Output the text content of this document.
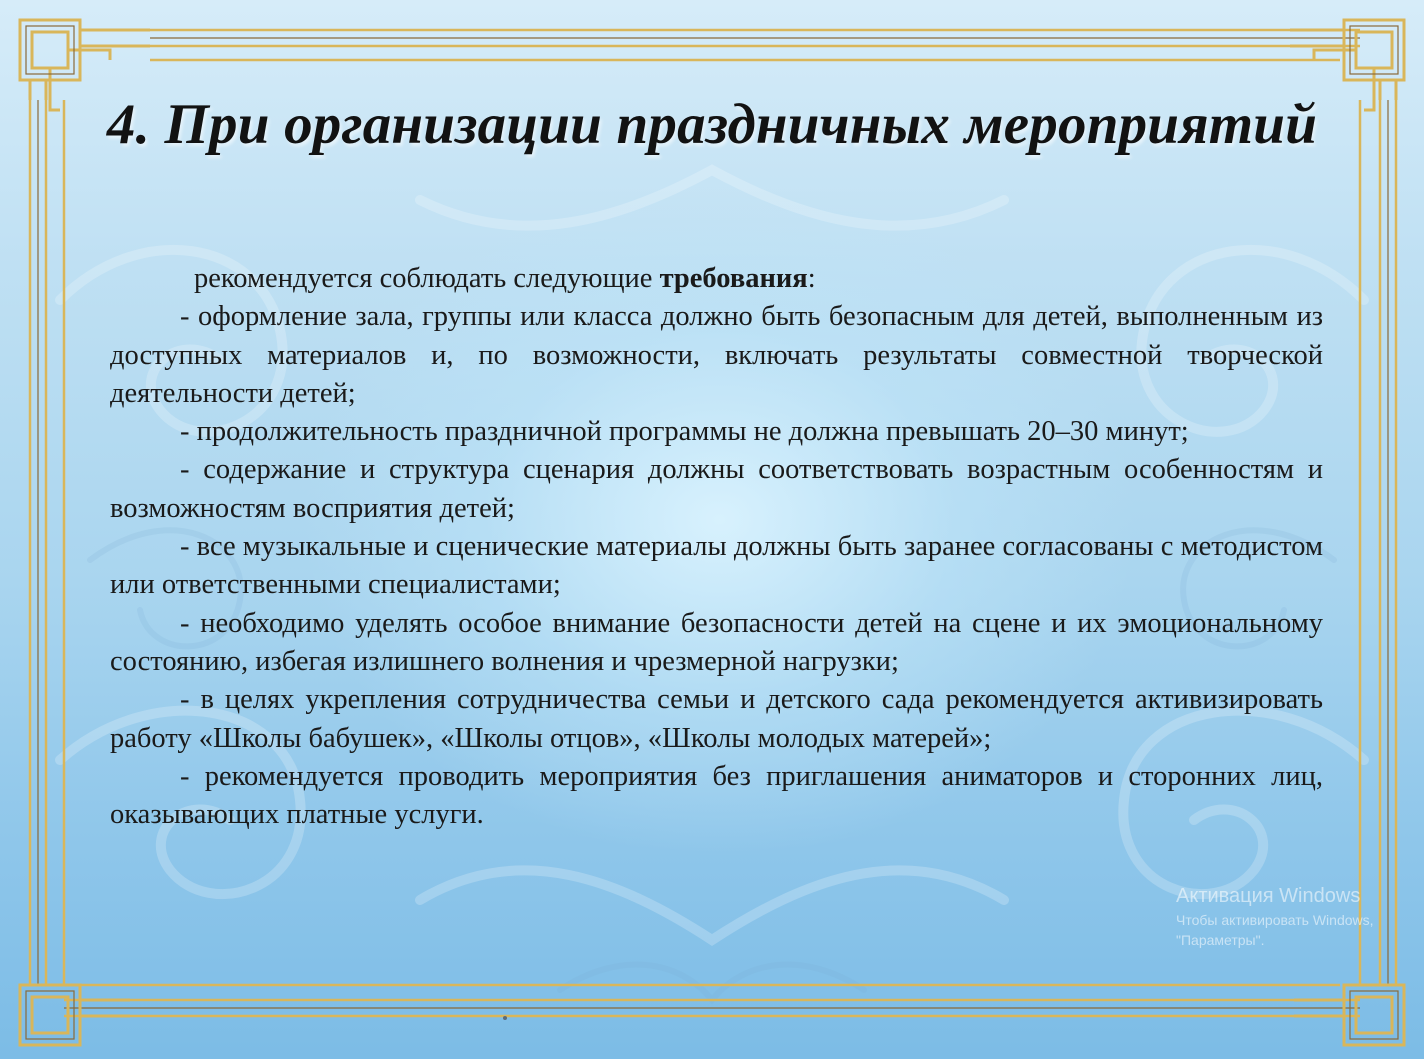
4. При организации праздничных мероприятий

рекомендуется соблюдать следующие требования:

- оформление зала, группы или класса должно быть безопасным для детей, выполненным из доступных материалов и, по возможности, включать результаты совместной творческой деятельности детей;

- продолжительность праздничной программы не должна превышать 20–30 минут;

- содержание и структура сценария должны соответствовать возрастным особенностям и возможностям восприятия детей;

- все музыкальные и сценические материалы должны быть заранее согласованы с методистом или ответственными специалистами;

- необходимо уделять особое внимание безопасности детей на сцене и их эмоциональному состоянию, избегая излишнего волнения и чрезмерной нагрузки;

- в целях укрепления сотрудничества семьи и детского сада рекомендуется активизировать работу «Школы бабушек», «Школы отцов», «Школы молодых матерей»;

- рекомендуется проводить мероприятия без приглашения аниматоров и сторонних лиц, оказывающих платные услуги.

Активация Windows
Чтобы активировать Windows,
"Параметры".
